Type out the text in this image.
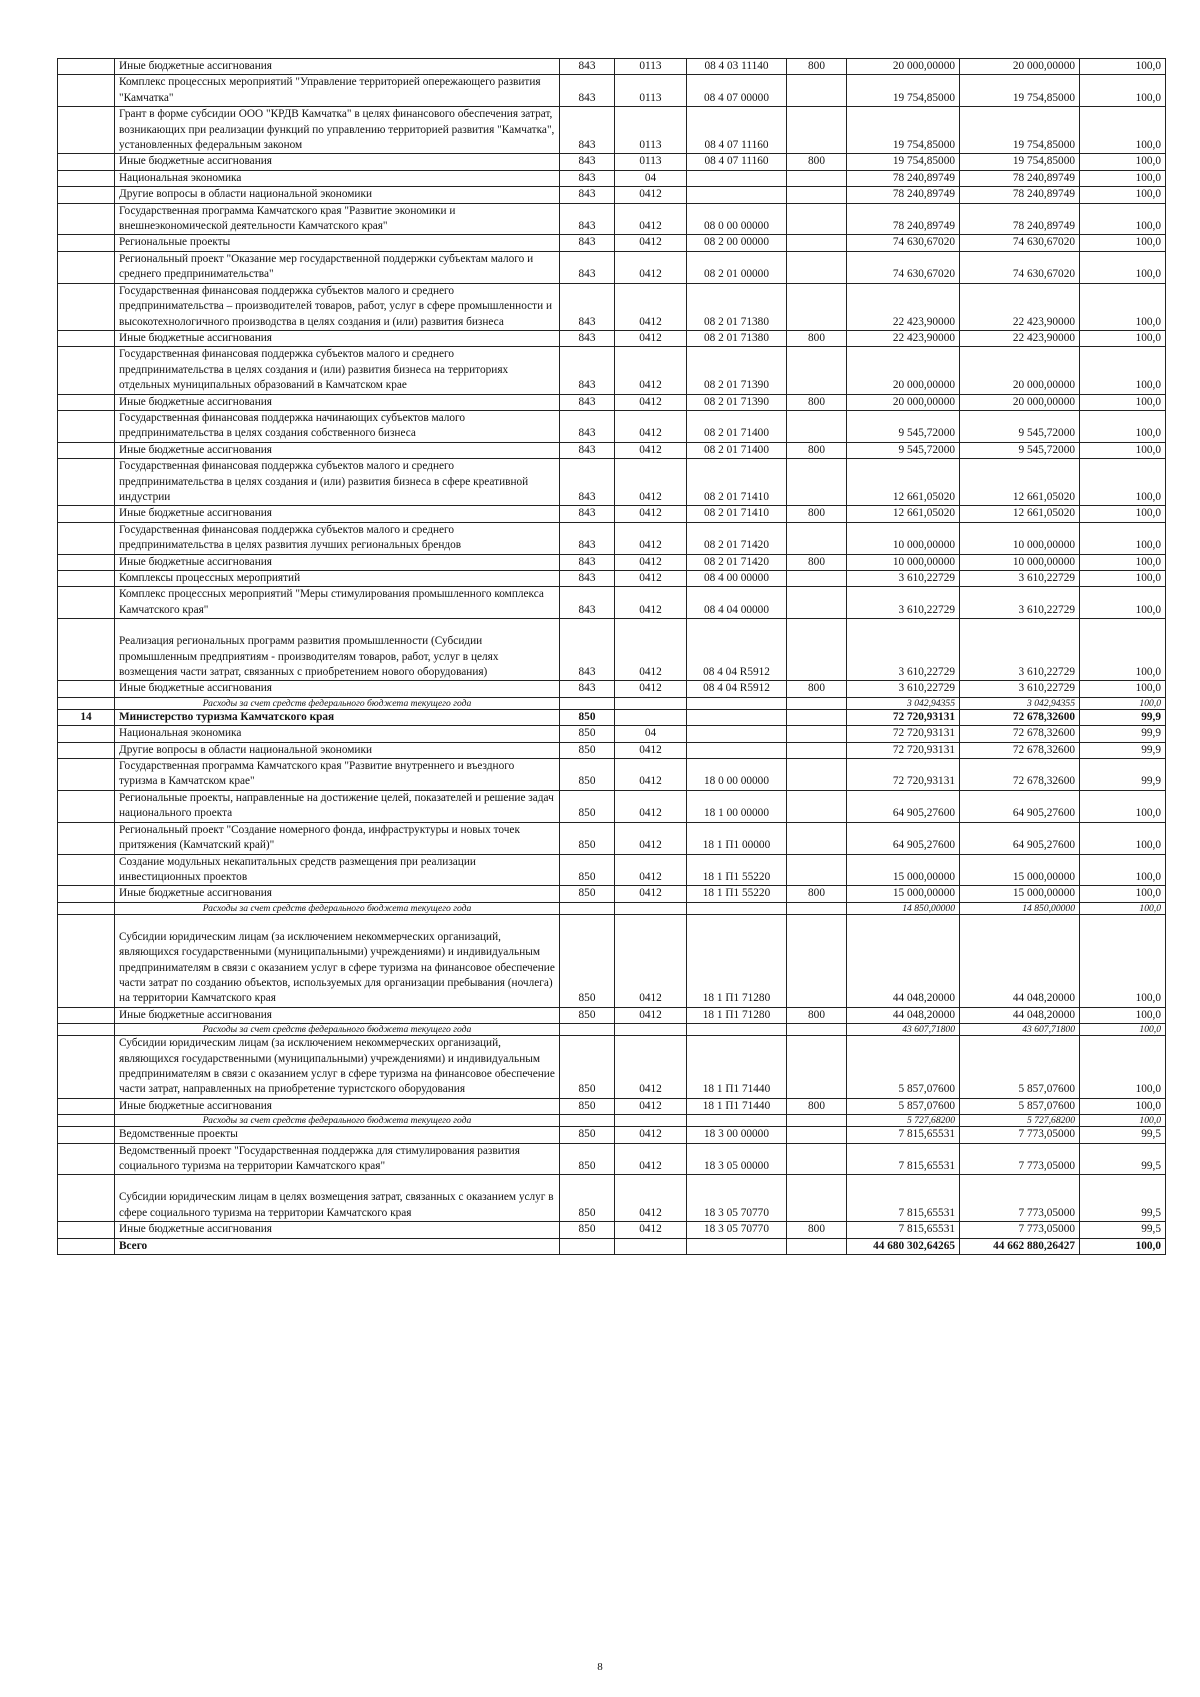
	Иные бюджетные ассигнования	843	0113	08 4 03 11140	800	20 000,00000	20 000,00000	100,0
	Комплекс процессных мероприятий "Управление территорией опережающего развития "Камчатка"	843	0113	08 4 07 00000		19 754,85000	19 754,85000	100,0
	Грант в форме субсидии ООО "КРДВ Камчатка" в целях финансового обеспечения затрат, возникающих при реализации функций по управлению территорией развития "Камчатка", установленных федеральным законом	843	0113	08 4 07 11160		19 754,85000	19 754,85000	100,0
	Иные бюджетные ассигнования	843	0113	08 4 07 11160	800	19 754,85000	19 754,85000	100,0
	Национальная экономика	843	04			78 240,89749	78 240,89749	100,0
	Другие вопросы в области национальной экономики	843	0412			78 240,89749	78 240,89749	100,0
	Государственная программа Камчатского края "Развитие экономики и внешнеэкономической деятельности Камчатского края"	843	0412	08 0 00 00000		78 240,89749	78 240,89749	100,0
	Региональные проекты	843	0412	08 2 00 00000		74 630,67020	74 630,67020	100,0
	Региональный проект "Оказание мер государственной поддержки субъектам малого и среднего предпринимательства"	843	0412	08 2 01 00000		74 630,67020	74 630,67020	100,0
	Государственная финансовая поддержка субъектов малого и среднего предпринимательства – производителей товаров, работ, услуг в сфере промышленности и высокотехнологичного производства в целях создания и (или) развития бизнеса	843	0412	08 2 01 71380		22 423,90000	22 423,90000	100,0
	Иные бюджетные ассигнования	843	0412	08 2 01 71380	800	22 423,90000	22 423,90000	100,0
	Государственная финансовая поддержка субъектов малого и среднего предпринимательства в целях создания и (или) развития бизнеса на территориях отдельных муниципальных образований в Камчатском крае	843	0412	08 2 01 71390		20 000,00000	20 000,00000	100,0
	Иные бюджетные ассигнования	843	0412	08 2 01 71390	800	20 000,00000	20 000,00000	100,0
	Государственная финансовая поддержка начинающих субъектов малого предпринимательства в целях создания собственного бизнеса	843	0412	08 2 01 71400		9 545,72000	9 545,72000	100,0
	Иные бюджетные ассигнования	843	0412	08 2 01 71400	800	9 545,72000	9 545,72000	100,0
	Государственная финансовая поддержка субъектов малого и среднего предпринимательства в целях создания и (или) развития бизнеса в сфере креативной индустрии	843	0412	08 2 01 71410		12 661,05020	12 661,05020	100,0
	Иные бюджетные ассигнования	843	0412	08 2 01 71410	800	12 661,05020	12 661,05020	100,0
	Государственная финансовая поддержка субъектов малого и среднего предпринимательства в целях развития лучших региональных брендов	843	0412	08 2 01 71420		10 000,00000	10 000,00000	100,0
	Иные бюджетные ассигнования	843	0412	08 2 01 71420	800	10 000,00000	10 000,00000	100,0
	Комплексы процессных мероприятий	843	0412	08 4 00 00000		3 610,22729	3 610,22729	100,0
	Комплекс процессных мероприятий "Меры стимулирования промышленного комплекса Камчатского края"	843	0412	08 4 04 00000		3 610,22729	3 610,22729	100,0
	Реализация региональных программ развития промышленности (Субсидии промышленным предприятиям - производителям товаров, работ, услуг в целях возмещения части затрат, связанных с приобретением нового оборудования)	843	0412	08 4 04 R5912		3 610,22729	3 610,22729	100,0
	Иные бюджетные ассигнования	843	0412	08 4 04 R5912	800	3 610,22729	3 610,22729	100,0
	Расходы за счет средств федерального бюджета текущего года					3 042,94355	3 042,94355	100,0
14	Министерство туризма Камчатского края	850				72 720,93131	72 678,32600	99,9
	Национальная экономика	850	04			72 720,93131	72 678,32600	99,9
	Другие вопросы в области национальной экономики	850	0412			72 720,93131	72 678,32600	99,9
	Государственная программа Камчатского края "Развитие внутреннего и въездного туризма в Камчатском крае"	850	0412	18 0 00 00000		72 720,93131	72 678,32600	99,9
	Региональные проекты, направленные на достижение целей, показателей и решение задач национального проекта	850	0412	18 1 00 00000		64 905,27600	64 905,27600	100,0
	Региональный проект "Создание номерного фонда, инфраструктуры и новых точек притяжения (Камчатский край)"	850	0412	18 1 П1 00000		64 905,27600	64 905,27600	100,0
	Создание модульных некапитальных средств размещения при реализации инвестиционных проектов	850	0412	18 1 П1 55220		15 000,00000	15 000,00000	100,0
	Иные бюджетные ассигнования	850	0412	18 1 П1 55220	800	15 000,00000	15 000,00000	100,0
	Расходы за счет средств федерального бюджета текущего года					14 850,00000	14 850,00000	100,0
	Субсидии юридическим лицам (за исключением некоммерческих организаций, являющихся государственными (муниципальными) учреждениями) и индивидуальным предпринимателям в связи с оказанием услуг в сфере туризма на финансовое обеспечение части затрат по созданию объектов, используемых для организации пребывания (ночлега) на территории Камчатского края	850	0412	18 1 П1 71280		44 048,20000	44 048,20000	100,0
	Иные бюджетные ассигнования	850	0412	18 1 П1 71280	800	44 048,20000	44 048,20000	100,0
	Расходы за счет средств федерального бюджета текущего года					43 607,71800	43 607,71800	100,0
	Субсидии юридическим лицам (за исключением некоммерческих организаций, являющихся государственными (муниципальными) учреждениями) и индивидуальным предпринимателям в связи с оказанием услуг в сфере туризма на финансовое обеспечение части затрат, направленных на приобретение туристского оборудования	850	0412	18 1 П1 71440		5 857,07600	5 857,07600	100,0
	Иные бюджетные ассигнования	850	0412	18 1 П1 71440	800	5 857,07600	5 857,07600	100,0
	Расходы за счет средств федерального бюджета текущего года					5 727,68200	5 727,68200	100,0
	Ведомственные проекты	850	0412	18 3 00 00000		7 815,65531	7 773,05000	99,5
	Ведомственный проект "Государственная поддержка для стимулирования развития социального туризма на территории Камчатского края"	850	0412	18 3 05 00000		7 815,65531	7 773,05000	99,5
	Субсидии юридическим лицам в целях возмещения затрат, связанных с оказанием услуг в сфере социального туризма на территории Камчатского края	850	0412	18 3 05 70770		7 815,65531	7 773,05000	99,5
	Иные бюджетные ассигнования	850	0412	18 3 05 70770	800	7 815,65531	7 773,05000	99,5
	Всего					44 680 302,64265	44 662 880,26427	100,0
8
